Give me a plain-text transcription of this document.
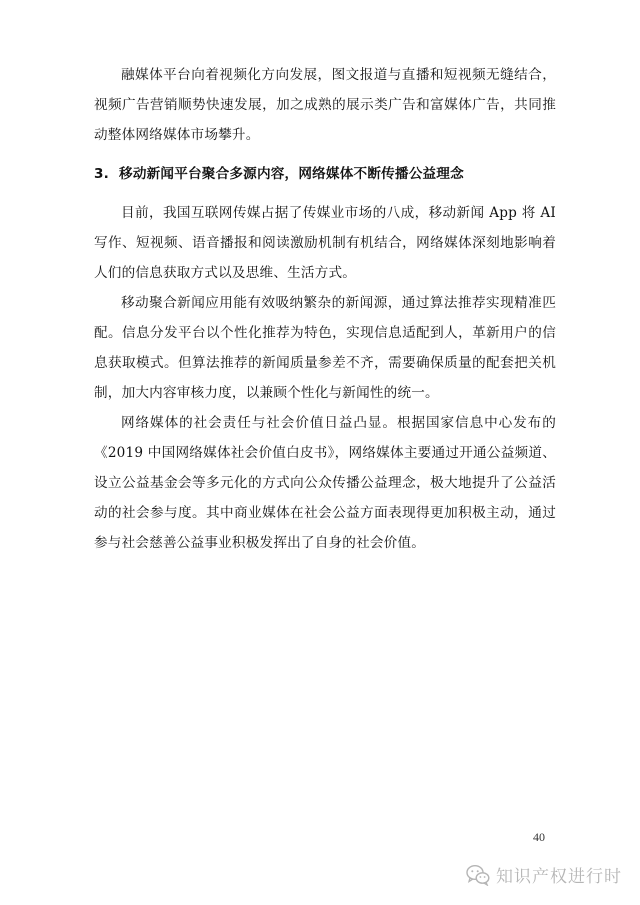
融媒体平台向着视频化方向发展，图文报道与直播和短视频无缝结合，视频广告营销顺势快速发展，加之成熟的展示类广告和富媒体广告，共同推动整体网络媒体市场攀升。

3. 移动新闻平台聚合多源内容，网络媒体不断传播公益理念

目前，我国互联网传媒占据了传媒业市场的八成，移动新闻 App 将 AI 写作、短视频、语音播报和阅读激励机制有机结合，网络媒体深刻地影响着人们的信息获取方式以及思维、生活方式。

移动聚合新闻应用能有效吸纳繁杂的新闻源，通过算法推荐实现精准匹配。信息分发平台以个性化推荐为特色，实现信息适配到人，革新用户的信息获取模式。但算法推荐的新闻质量参差不齐，需要确保质量的配套把关机制，加大内容审核力度，以兼顾个性化与新闻性的统一。

网络媒体的社会责任与社会价值日益凸显。根据国家信息中心发布的《2019 中国网络媒体社会价值白皮书》，网络媒体主要通过开通公益频道、设立公益基金会等多元化的方式向公众传播公益理念，极大地提升了公益活动的社会参与度。其中商业媒体在社会公益方面表现得更加积极主动，通过参与社会慈善公益事业积极发挥出了自身的社会价值。

40
知识产权进行时
